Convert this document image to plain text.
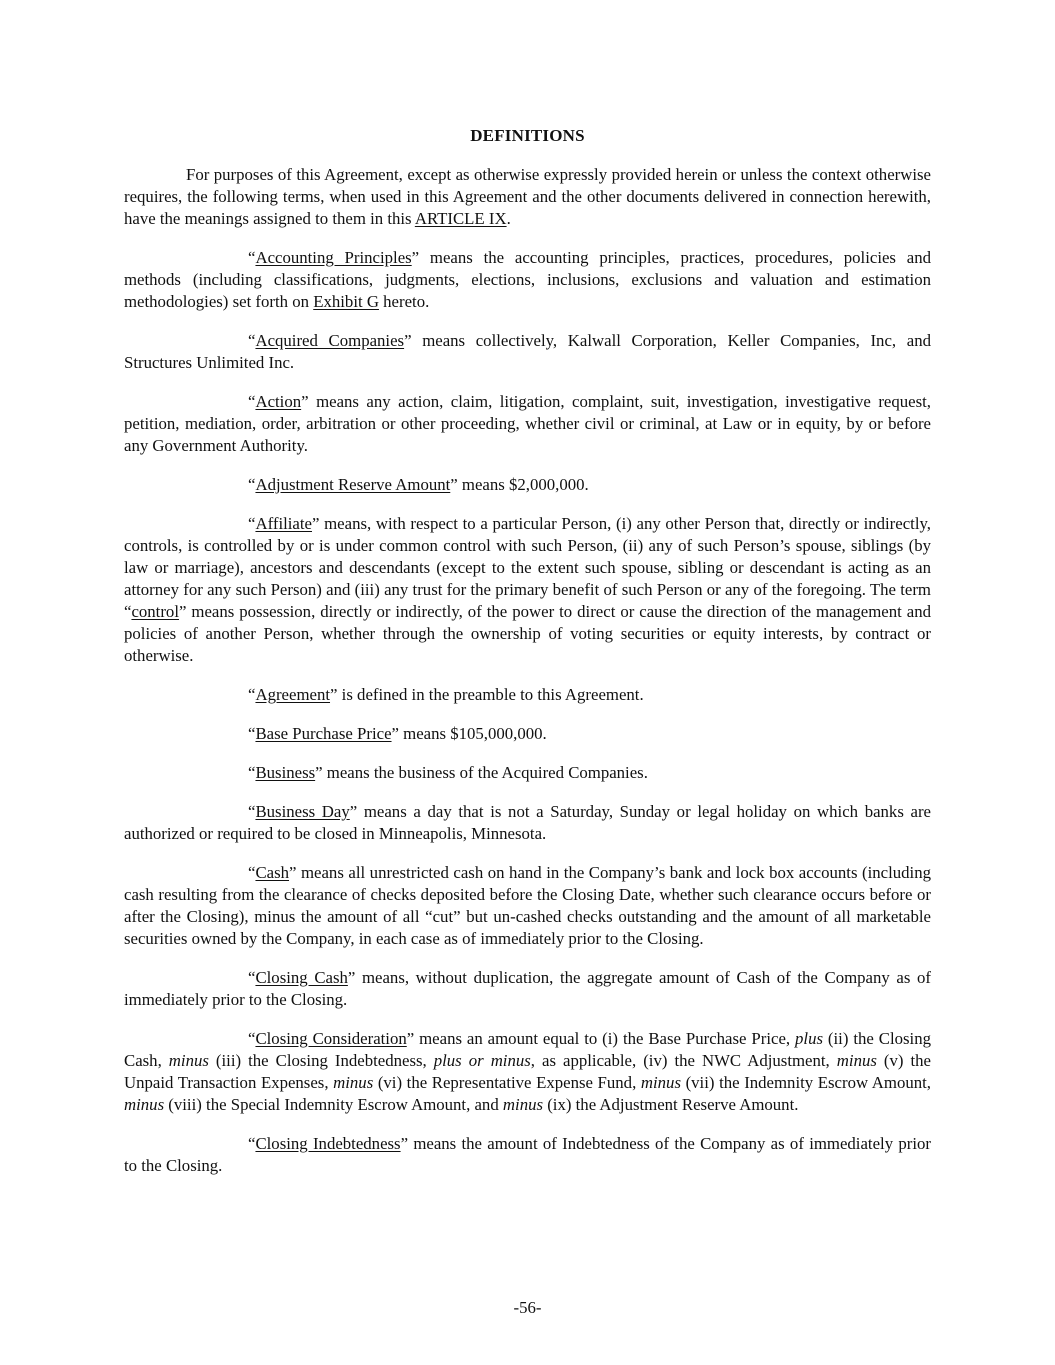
DEFINITIONS

For purposes of this Agreement, except as otherwise expressly provided herein or unless the context otherwise requires, the following terms, when used in this Agreement and the other documents delivered in connection herewith, have the meanings assigned to them in this ARTICLE IX.

“Accounting Principles” means the accounting principles, practices, procedures, policies and methods (including classifications, judgments, elections, inclusions, exclusions and valuation and estimation methodologies) set forth on Exhibit G hereto.

“Acquired Companies” means collectively, Kalwall Corporation, Keller Companies, Inc, and Structures Unlimited Inc.

“Action” means any action, claim, litigation, complaint, suit, investigation, investigative request, petition, mediation, order, arbitration or other proceeding, whether civil or criminal, at Law or in equity, by or before any Government Authority.

“Adjustment Reserve Amount” means $2,000,000.

“Affiliate” means, with respect to a particular Person, (i) any other Person that, directly or indirectly, controls, is controlled by or is under common control with such Person, (ii) any of such Person’s spouse, siblings (by law or marriage), ancestors and descendants (except to the extent such spouse, sibling or descendant is acting as an attorney for any such Person) and (iii) any trust for the primary benefit of such Person or any of the foregoing. The term “control” means possession, directly or indirectly, of the power to direct or cause the direction of the management and policies of another Person, whether through the ownership of voting securities or equity interests, by contract or otherwise.

“Agreement” is defined in the preamble to this Agreement.

“Base Purchase Price” means $105,000,000.

“Business” means the business of the Acquired Companies.

“Business Day” means a day that is not a Saturday, Sunday or legal holiday on which banks are authorized or required to be closed in Minneapolis, Minnesota.

“Cash” means all unrestricted cash on hand in the Company’s bank and lock box accounts (including cash resulting from the clearance of checks deposited before the Closing Date, whether such clearance occurs before or after the Closing), minus the amount of all “cut” but un-cashed checks outstanding and the amount of all marketable securities owned by the Company, in each case as of immediately prior to the Closing.

“Closing Cash” means, without duplication, the aggregate amount of Cash of the Company as of immediately prior to the Closing.

“Closing Consideration” means an amount equal to (i) the Base Purchase Price, plus (ii) the Closing Cash, minus (iii) the Closing Indebtedness, plus or minus, as applicable, (iv) the NWC Adjustment, minus (v) the Unpaid Transaction Expenses, minus (vi) the Representative Expense Fund, minus (vii) the Indemnity Escrow Amount, minus (viii) the Special Indemnity Escrow Amount, and minus (ix) the Adjustment Reserve Amount.

“Closing Indebtedness” means the amount of Indebtedness of the Company as of immediately prior to the Closing.

-56-
